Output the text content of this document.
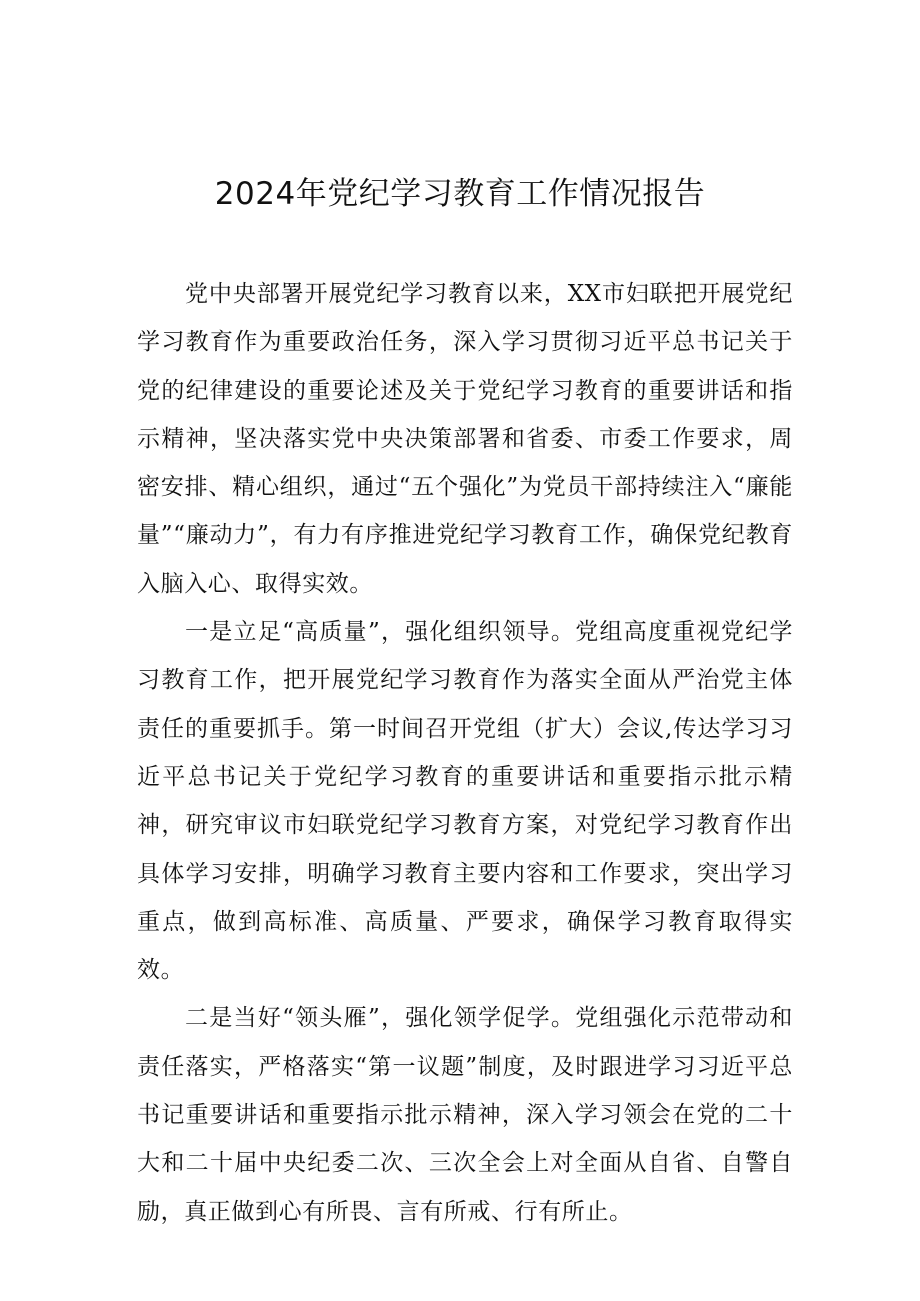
2024年党纪学习教育工作情况报告

党中央部署开展党纪学习教育以来，XX市妇联把开展党纪学习教育作为重要政治任务，深入学习贯彻习近平总书记关于党的纪律建设的重要论述及关于党纪学习教育的重要讲话和指示精神，坚决落实党中央决策部署和省委、市委工作要求，周密安排、精心组织，通过“五个强化”为党员干部持续注入“廉能量”“廉动力”，有力有序推进党纪学习教育工作，确保党纪教育入脑入心、取得实效。

一是立足“高质量”，强化组织领导。党组高度重视党纪学习教育工作，把开展党纪学习教育作为落实全面从严治党主体责任的重要抓手。第一时间召开党组（扩大）会议,传达学习习近平总书记关于党纪学习教育的重要讲话和重要指示批示精神，研究审议市妇联党纪学习教育方案，对党纪学习教育作出具体学习安排，明确学习教育主要内容和工作要求，突出学习重点，做到高标准、高质量、严要求，确保学习教育取得实效。

二是当好“领头雁”，强化领学促学。党组强化示范带动和责任落实，严格落实“第一议题”制度，及时跟进学习习近平总书记重要讲话和重要指示批示精神，深入学习领会在党的二十大和二十届中央纪委二次、三次全会上对全面从自省、自警自励，真正做到心有所畏、言有所戒、行有所止。
